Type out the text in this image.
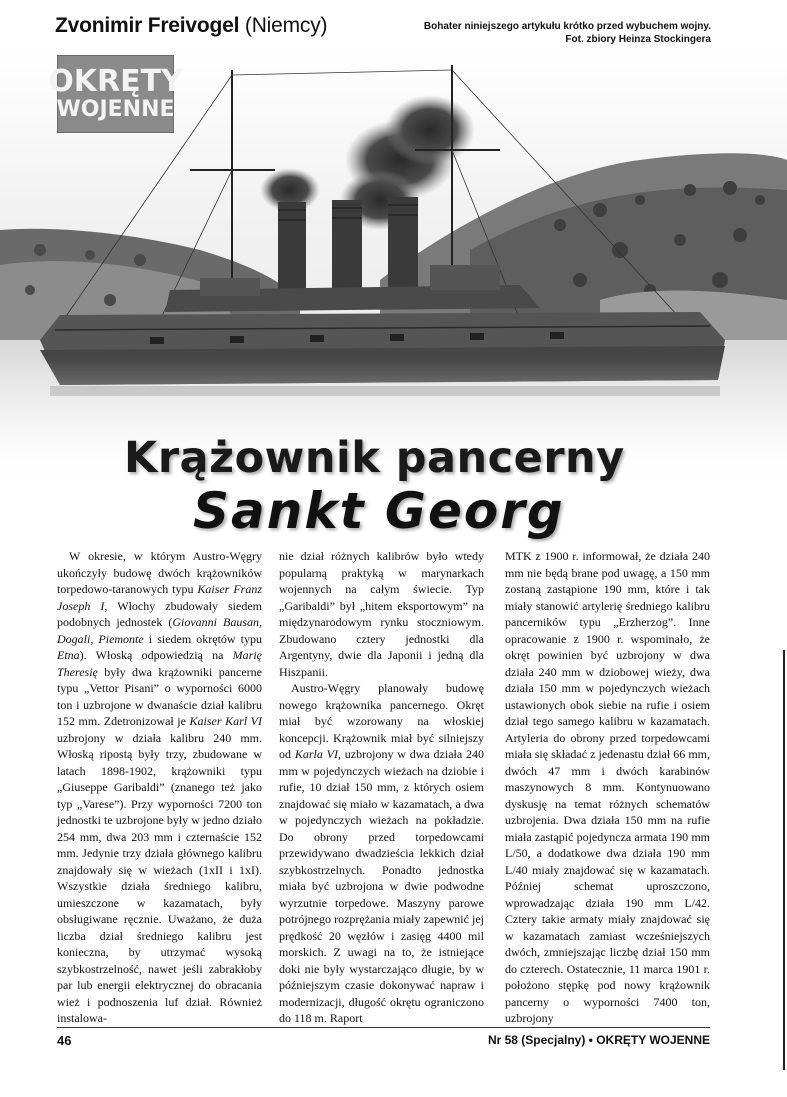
Zvonimir Freivogel (Niemcy)	Bohater niniejszego artykułu krótko przed wybuchem wojny.
Fot. zbiory Heinza Stockingera
OKRĘTY
WOJENNE
Krążownik pancerny
Sankt Georg

W okresie, w którym Austro-Węgry ukończyły budowę dwóch krążowników torpedowo-taranowych typu Kaiser Franz Joseph I, Włochy zbudowały siedem podobnych jednostek (Giovanni Bausan, Dogali, Piemonte i siedem okrętów typu Etna). Włoską odpowiedzią na Marię Theresię były dwa krążowniki pancerne typu „Vettor Pisani” o wyporności 6000 ton i uzbrojone w dwanaście dział kalibru 152 mm. Zdetronizował je Kaiser Karl VI uzbrojony w działa kalibru 240 mm. Włoską ripostą były trzy, zbudowane w latach 1898-1902, krążowniki typu „Giuseppe Garibaldi” (znanego też jako typ „Varese”). Przy wyporności 7200 ton jednostki te uzbrojone były w jedno działo 254 mm, dwa 203 mm i czternaście 152 mm. Jedynie trzy działa głównego kalibru znajdowały się w wieżach (1xII i 1xI). Wszystkie działa średniego kalibru, umieszczone w kazamatach, były obsługiwane ręcznie. Uważano, że duża liczba dział średniego kalibru jest konieczna, by utrzymać wysoką szybkostrzelność, nawet jeśli zabrakłoby par lub energii elektrycznej do obracania wież i podnoszenia luf dział. Również instalowa-

nie dział różnych kalibrów było wtedy popularną praktyką w marynarkach wojennych na całym świecie. Typ „Garibaldi” był „hitem eksportowym” na międzynarodowym rynku stoczniowym. Zbudowano cztery jednostki dla Argentyny, dwie dla Japonii i jedną dla Hiszpanii.

Austro-Węgry planowały budowę nowego krążownika pancernego. Okręt miał być wzorowany na włoskiej koncepcji. Krążownik miał być silniejszy od Karla VI, uzbrojony w dwa działa 240 mm w pojedynczych wieżach na dziobie i rufie, 10 dział 150 mm, z których osiem znajdować się miało w kazamatach, a dwa w pojedynczych wieżach na pokładzie. Do obrony przed torpedowcami przewidywano dwadzieścia lekkich dział szybkostrzelnych. Ponadto jednostka miała być uzbrojona w dwie podwodne wyrzutnie torpedowe. Maszyny parowe potrójnego rozprężania miały zapewnić jej prędkość 20 węzłów i zasięg 4400 mil morskich. Z uwagi na to, że istniejące doki nie były wystarczająco długie, by w późniejszym czasie dokonywać napraw i modernizacji, długość okrętu ograniczono do 118 m. Raport

MTK z 1900 r. informował, że działa 240 mm nie będą brane pod uwagę, a 150 mm zostaną zastąpione 190 mm, które i tak miały stanowić artylerię średniego kalibru pancerników typu „Erzherzog”. Inne opracowanie z 1900 r. wspominało, że okręt powinien być uzbrojony w dwa działa 240 mm w dziobowej wieży, dwa działa 150 mm w pojedynczych wieżach ustawionych obok siebie na rufie i osiem dział tego samego kalibru w kazamatach. Artyleria do obrony przed torpedowcami miała się składać z jedenastu dział 66 mm, dwóch 47 mm i dwóch karabinów maszynowych 8 mm. Kontynuowano dyskusję na temat różnych schematów uzbrojenia. Dwa działa 150 mm na rufie miała zastąpić pojedyncza armata 190 mm L/50, a dodatkowe dwa działa 190 mm L/40 miały znajdować się w kazamatach. Później schemat uproszczono, wprowadzając działa 190 mm L/42. Cztery takie armaty miały znajdować się w kazamatach zamiast wcześniejszych dwóch, zmniejszając liczbę dział 150 mm do czterech. Ostatecznie, 11 marca 1901 r. położono stępkę pod nowy krążownik pancerny o wyporności 7400 ton, uzbrojony

46	Nr 58 (Specjalny) • OKRĘTY WOJENNE
